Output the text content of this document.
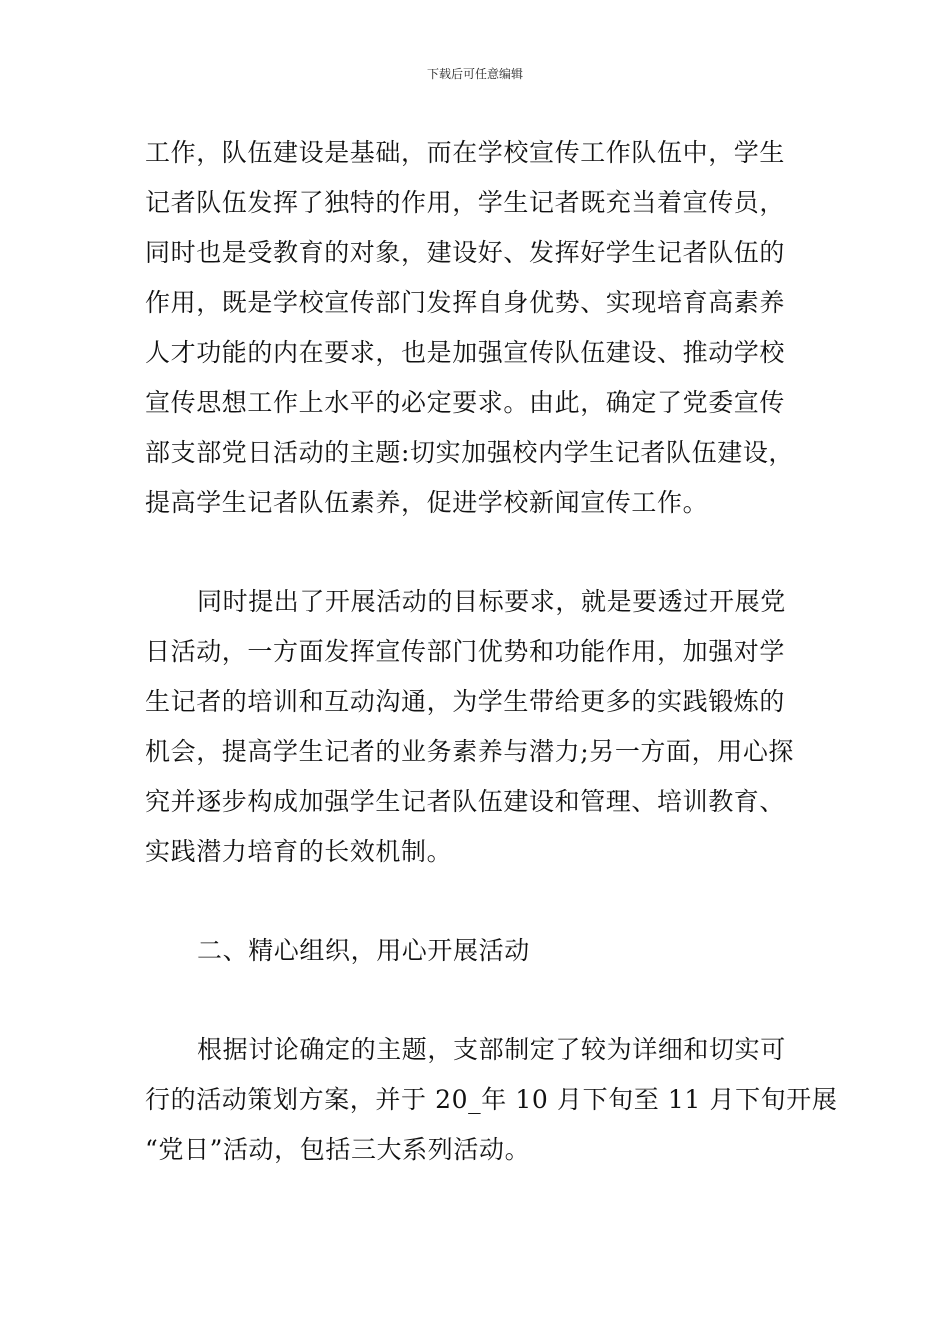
下载后可任意编辑

工作，队伍建设是基础，而在学校宣传工作队伍中，学生
记者队伍发挥了独特的作用，学生记者既充当着宣传员，
同时也是受教育的对象，建设好、发挥好学生记者队伍的
作用，既是学校宣传部门发挥自身优势、实现培育高素养
人才功能的内在要求，也是加强宣传队伍建设、推动学校
宣传思想工作上水平的必定要求。由此，确定了党委宣传
部支部党日活动的主题:切实加强校内学生记者队伍建设，
提高学生记者队伍素养，促进学校新闻宣传工作。

同时提出了开展活动的目标要求，就是要透过开展党
日活动，一方面发挥宣传部门优势和功能作用，加强对学
生记者的培训和互动沟通，为学生带给更多的实践锻炼的
机会，提高学生记者的业务素养与潜力;另一方面，用心探
究并逐步构成加强学生记者队伍建设和管理、培训教育、
实践潜力培育的长效机制。

二、精心组织，用心开展活动

根据讨论确定的主题，支部制定了较为详细和切实可
行的活动策划方案，并于 20_年 10 月下旬至 11 月下旬开展
“党日”活动，包括三大系列活动。
